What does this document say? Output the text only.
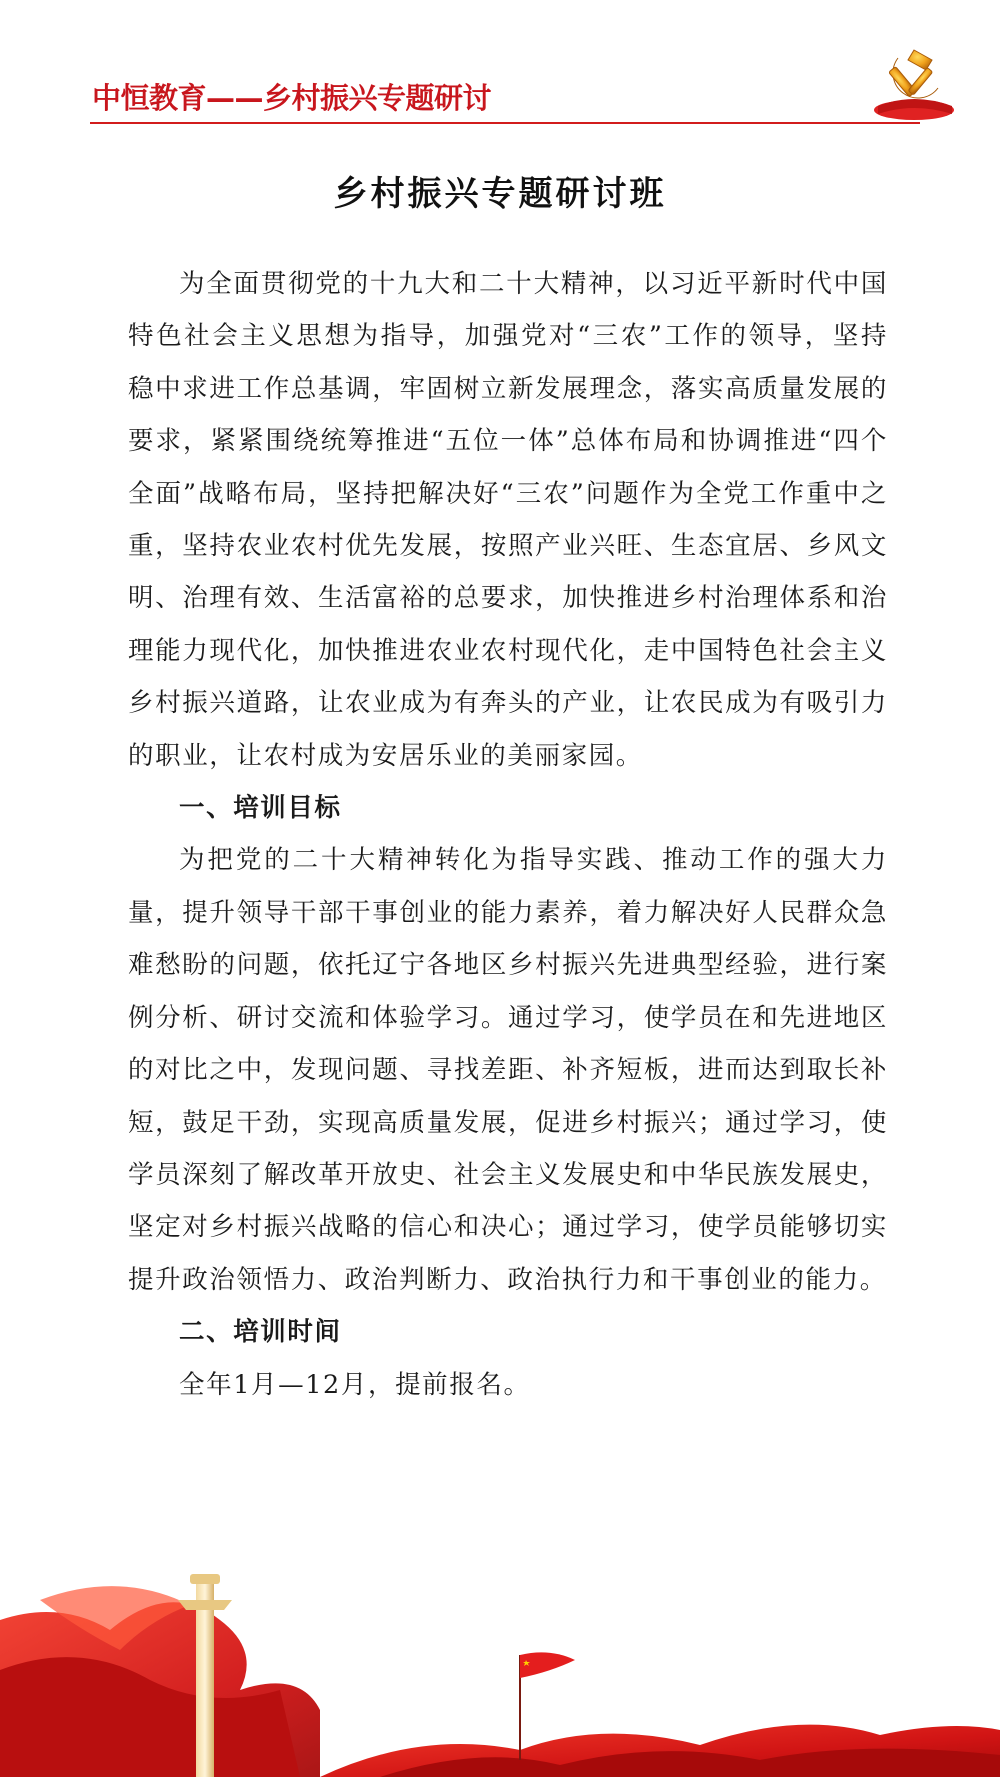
中恒教育——乡村振兴专题研讨
乡村振兴专题研讨班

为全面贯彻党的十九大和二十大精神，以习近平新时代中国特色社会主义思想为指导，加强党对“三农”工作的领导，坚持稳中求进工作总基调，牢固树立新发展理念，落实高质量发展的要求，紧紧围绕统筹推进“五位一体”总体布局和协调推进“四个全面”战略布局，坚持把解决好“三农”问题作为全党工作重中之重，坚持农业农村优先发展，按照产业兴旺、生态宜居、乡风文明、治理有效、生活富裕的总要求，加快推进乡村治理体系和治理能力现代化，加快推进农业农村现代化，走中国特色社会主义乡村振兴道路，让农业成为有奔头的产业，让农民成为有吸引力的职业，让农村成为安居乐业的美丽家园。

一、培训目标

为把党的二十大精神转化为指导实践、推动工作的强大力量，提升领导干部干事创业的能力素养，着力解决好人民群众急难愁盼的问题，依托辽宁各地区乡村振兴先进典型经验，进行案例分析、研讨交流和体验学习。通过学习，使学员在和先进地区的对比之中，发现问题、寻找差距、补齐短板，进而达到取长补短，鼓足干劲，实现高质量发展，促进乡村振兴；通过学习，使学员深刻了解改革开放史、社会主义发展史和中华民族发展史，坚定对乡村振兴战略的信心和决心；通过学习，使学员能够切实提升政治领悟力、政治判断力、政治执行力和干事创业的能力。

二、培训时间

全年1月—12月，提前报名。
